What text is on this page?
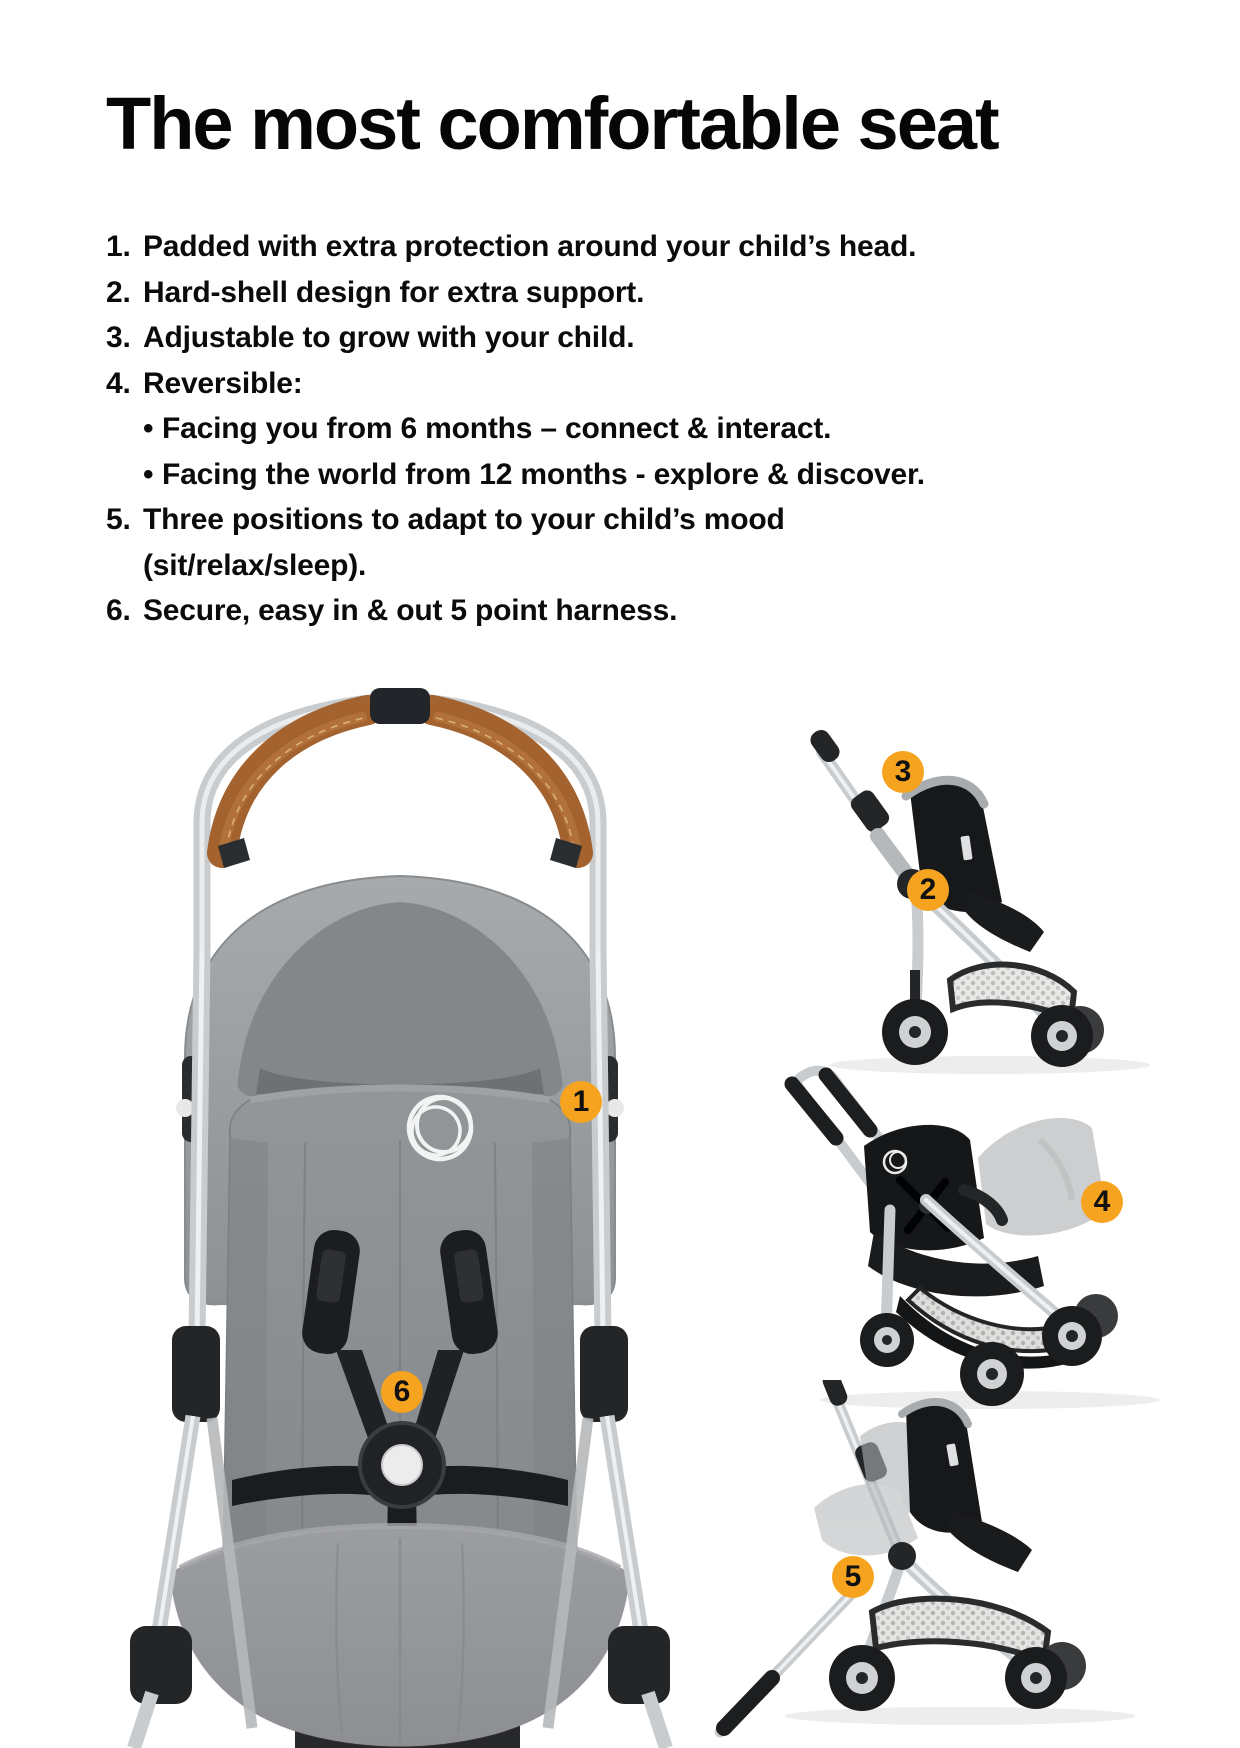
The most comfortable seat
1. Padded with extra protection around your child’s head.
2. Hard-shell design for extra support.
3. Adjustable to grow with your child.
4. Reversible:
• Facing you from 6 months – connect & interact.
• Facing the world from 12 months - explore & discover.
5. Three positions to adapt to your child’s mood
(sit/relax/sleep).
6. Secure, easy in & out 5 point harness.
1
2
3
4
5
6
